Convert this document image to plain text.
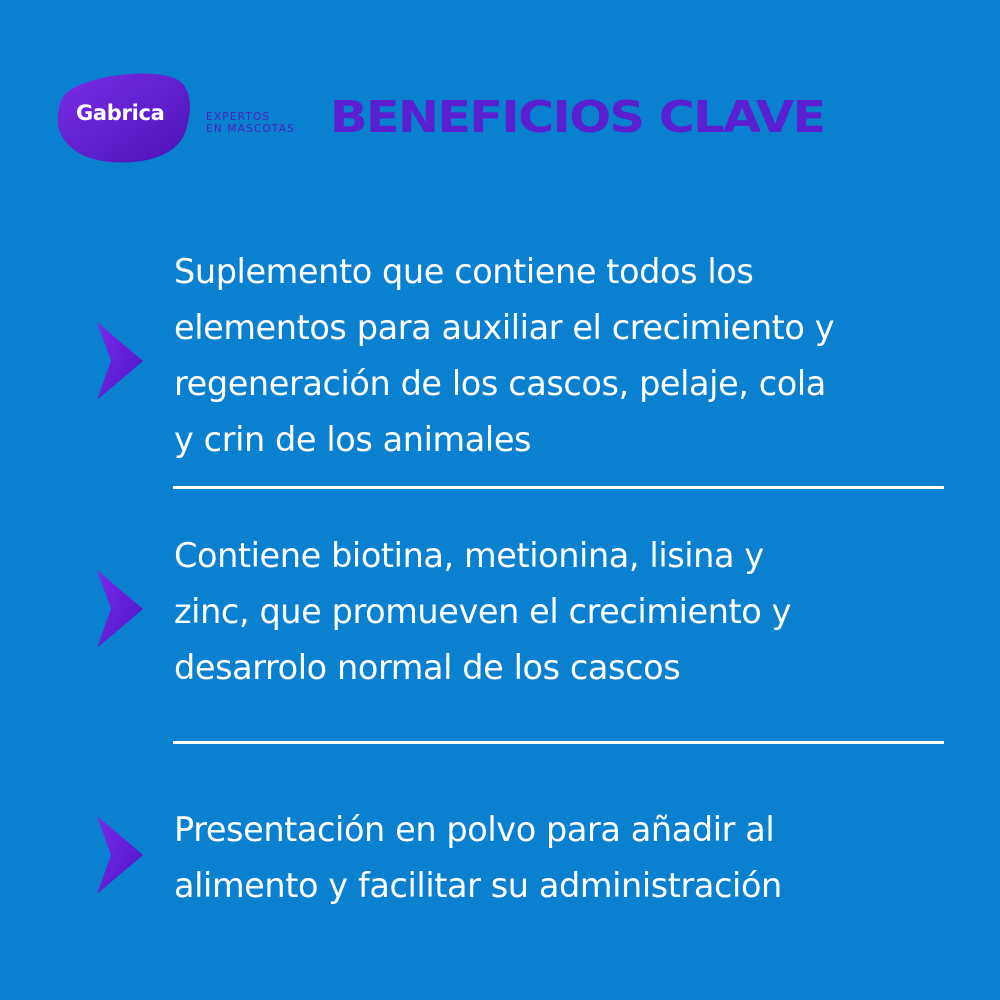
Gabrica	EXPERTOS
EN MASCOTAS BENEFICIOS CLAVE
Suplemento que contiene todos los
elementos para auxiliar el crecimiento y
regeneración de los cascos, pelaje, cola
y crin de los animales
Contiene biotina, metionina, lisina y
zinc, que promueven el crecimiento y
desarrolo normal de los cascos
Presentación en polvo para añadir al
alimento y facilitar su administración
